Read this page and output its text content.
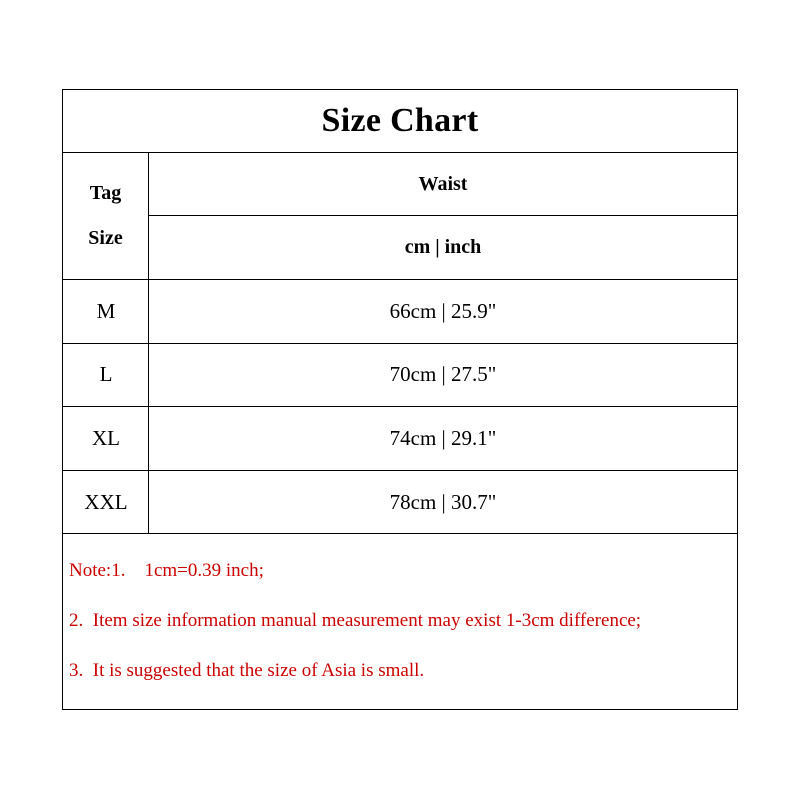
Size Chart
Tag
Size
Waist
cm | inch
M	66cm | 25.9"
L	70cm | 27.5"
XL	74cm | 29.1"
XXL	78cm | 30.7"
Note:1.    1cm=0.39 inch;
2.  Item size information manual measurement may exist 1-3cm difference;
3.  It is suggested that the size of Asia is small.
